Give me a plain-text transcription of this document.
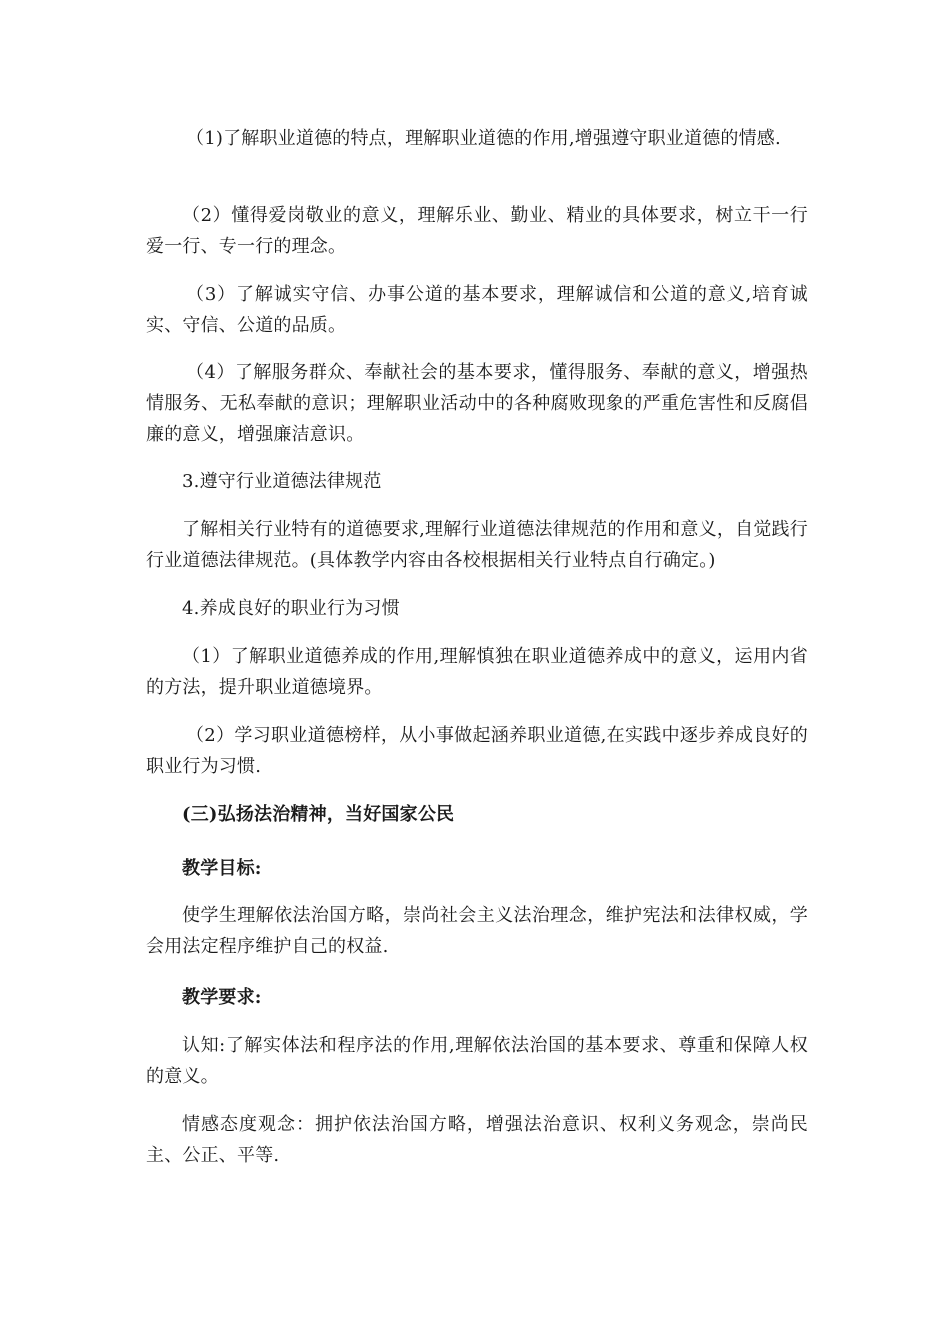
（1)了解职业道德的特点，理解职业道德的作用,增强遵守职业道德的情感.

（2）懂得爱岗敬业的意义，理解乐业、勤业、精业的具体要求，树立干一行爱一行、专一行的理念。

（3）了解诚实守信、办事公道的基本要求，理解诚信和公道的意义,培育诚实、守信、公道的品质。

（4）了解服务群众、奉献社会的基本要求，懂得服务、奉献的意义，增强热情服务、无私奉献的意识；理解职业活动中的各种腐败现象的严重危害性和反腐倡廉的意义，增强廉洁意识。

3.遵守行业道德法律规范

了解相关行业特有的道德要求,理解行业道德法律规范的作用和意义，自觉践行行业道德法律规范。(具体教学内容由各校根据相关行业特点自行确定。)

4.养成良好的职业行为习惯

（1）了解职业道德养成的作用,理解慎独在职业道德养成中的意义，运用内省的方法，提升职业道德境界。

（2）学习职业道德榜样，从小事做起涵养职业道德,在实践中逐步养成良好的职业行为习惯.

(三)弘扬法治精神，当好国家公民

教学目标:

使学生理解依法治国方略，崇尚社会主义法治理念，维护宪法和法律权威，学会用法定程序维护自己的权益.

教学要求:

认知:了解实体法和程序法的作用,理解依法治国的基本要求、尊重和保障人权的意义。

情感态度观念：拥护依法治国方略，增强法治意识、权利义务观念，崇尚民主、公正、平等.
